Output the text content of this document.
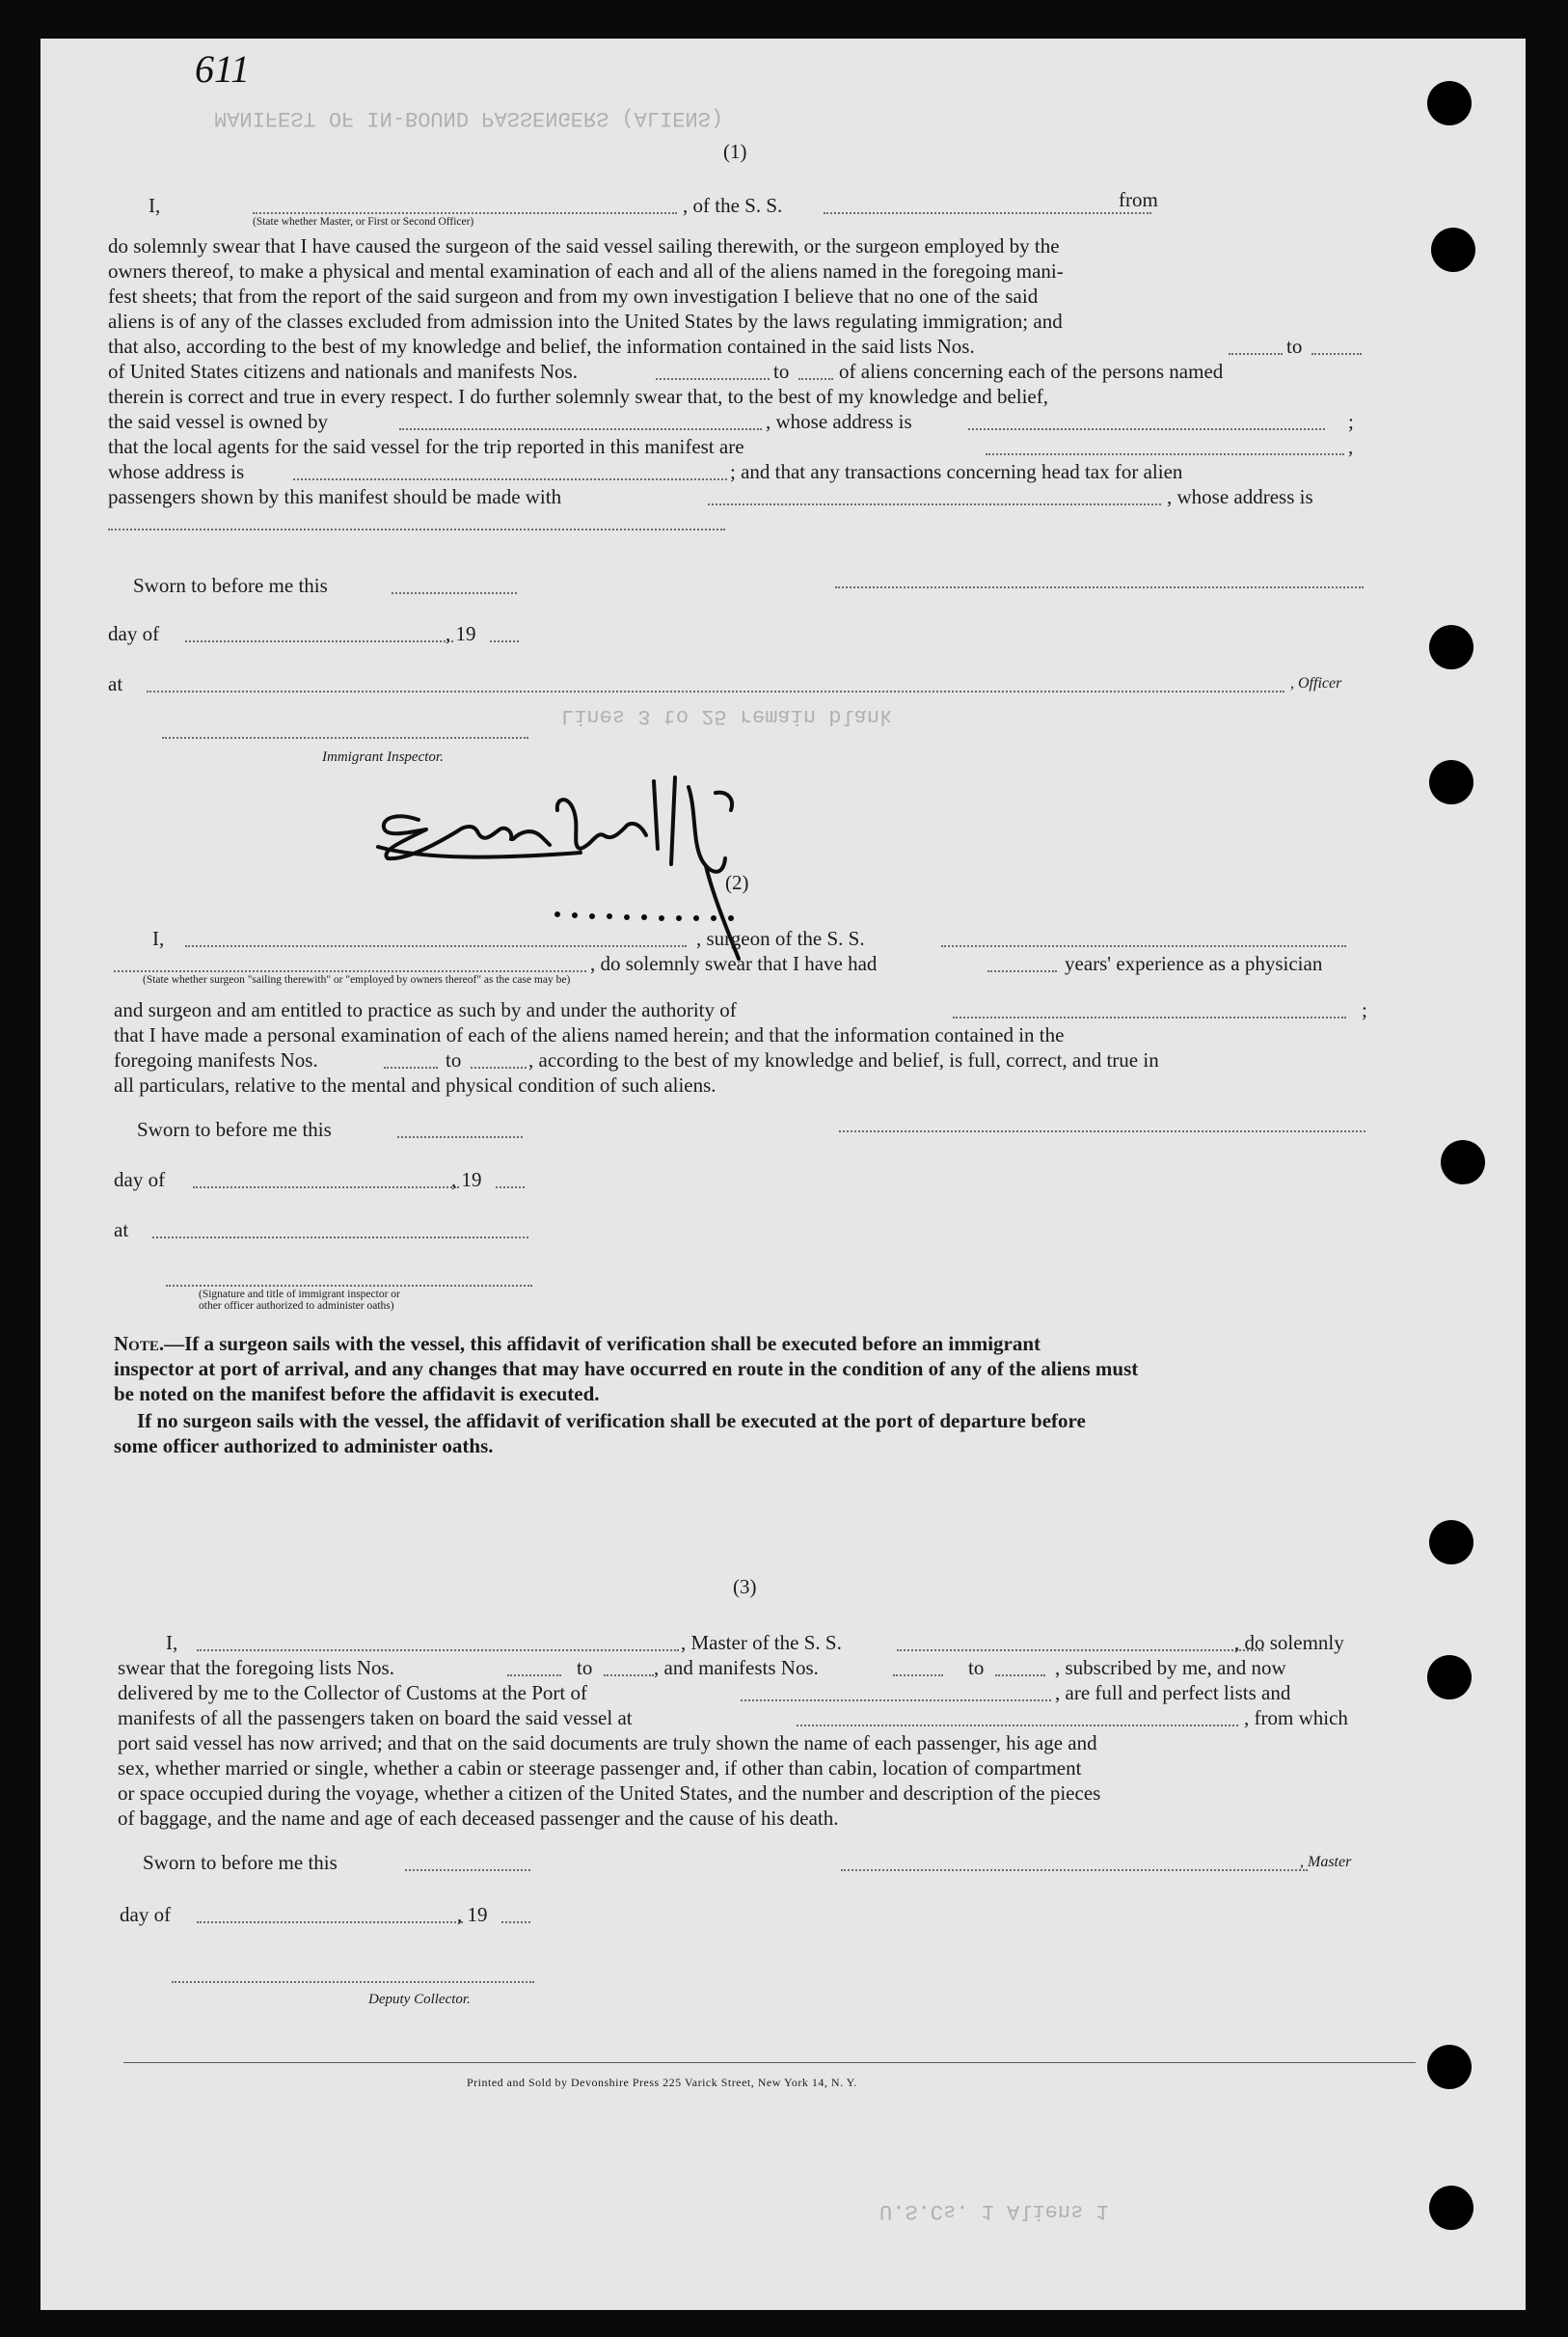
611
MANIFEST OF IN-BOUND PASSENGERS (ALIENS)
Lines 3 to 25 remain blank
U.S.Cs. 1 Aliens 1
(1)
I,	, of the S. S.	from
(State whether Master, or First or Second Officer)
do solemnly swear that I have caused the surgeon of the said vessel sailing therewith, or the surgeon employed by the
owners thereof, to make a physical and mental examination of each and all of the aliens named in the foregoing mani-
fest sheets; that from the report of the said surgeon and from my own investigation I believe that no one of the said
aliens is of any of the classes excluded from admission into the United States by the laws regulating immigration; and
that also, according to the best of my knowledge and belief, the information contained in the said lists Nos.	to
of United States citizens and nationals and manifests Nos.	to of aliens concerning each of the persons named
therein is correct and true in every respect. I do further solemnly swear that, to the best of my knowledge and belief,
the said vessel is owned by	, whose address is	;
that the local agents for the said vessel for the trip reported in this manifest are	,
whose address is	; and that any transactions concerning head tax for alien
passengers shown by this manifest should be made with	, whose address is
Sworn to before me this
day of	, 19
at	, Officer
Immigrant Inspector.
(2)
I,	, surgeon of the S. S.
, do solemnly swear that I have had	years' experience as a physician
(State whether surgeon "sailing therewith" or "employed by owners thereof" as the case may be)
and surgeon and am entitled to practice as such by and under the authority of	;
that I have made a personal examination of each of the aliens named herein; and that the information contained in the
foregoing manifests Nos.	to	, according to the best of my knowledge and belief, is full, correct, and true in
all particulars, relative to the mental and physical condition of such aliens.
Sworn to before me this
day of	, 19
at
(Signature and title of immigrant inspector or
other officer authorized to administer oaths)
Note.—If a surgeon sails with the vessel, this affidavit of verification shall be executed before an immigrant
inspector at port of arrival, and any changes that may have occurred en route in the condition of any of the aliens must
be noted on the manifest before the affidavit is executed.
If no surgeon sails with the vessel, the affidavit of verification shall be executed at the port of departure before
some officer authorized to administer oaths.
(3)
I,	, Master of the S. S.	, do solemnly
swear that the foregoing lists Nos.	to	, and manifests Nos.	to	, subscribed by me, and now
delivered by me to the Collector of Customs at the Port of	, are full and perfect lists and
manifests of all the passengers taken on board the said vessel at	, from which
port said vessel has now arrived; and that on the said documents are truly shown the name of each passenger, his age and
sex, whether married or single, whether a cabin or steerage passenger and, if other than cabin, location of compartment
or space occupied during the voyage, whether a citizen of the United States, and the number and description of the pieces
of baggage, and the name and age of each deceased passenger and the cause of his death.
Sworn to before me this	, Master
day of	, 19
Deputy Collector.
Printed and Sold by Devonshire Press 225 Varick Street, New York 14, N. Y.
